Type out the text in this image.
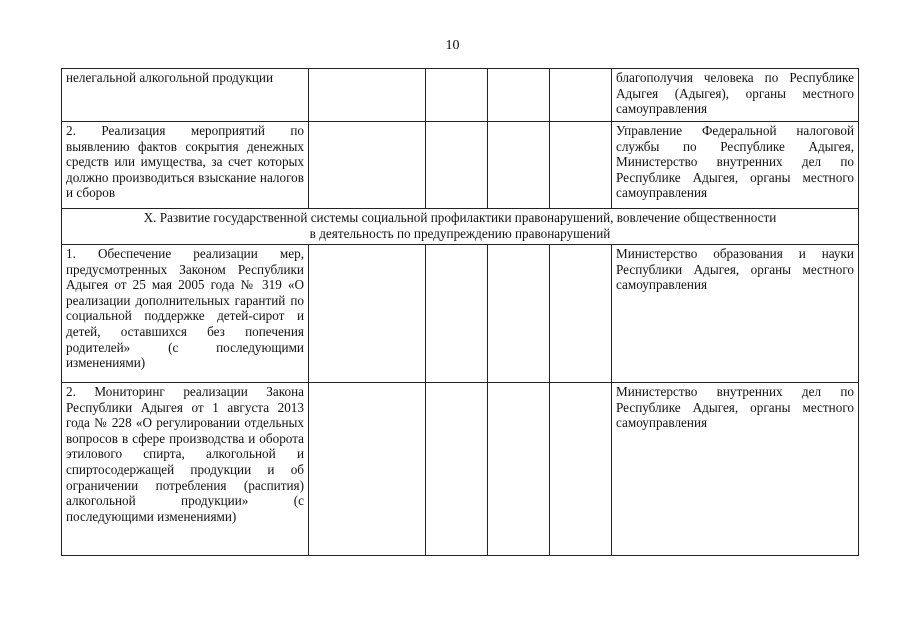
10
нелегальной алкогольной продукции					благополучия человека по Республике Адыгея (Адыгея), органы местного самоуправления
2. Реализация мероприятий по выявлению фактов сокрытия денежных средств или имущества, за счет которых должно производиться взыскание налогов и сборов					Управление Федеральной налоговой службы по Республике Адыгея, Министерство внутренних дел по Республике Адыгея, органы местного самоуправления

X. Развитие государственной системы социальной профилактики правонарушений, вовлечение общественности
в деятельность по предупреждению правонарушений					

1. Обеспечение реализации мер, предусмотренных Законом Республики Адыгея от 25 мая 2005 года № 319 «О реализации дополнительных гарантий по социальной поддержке детей-сирот и детей, оставшихся без попечения родителей» (с последующими изменениями)					Министерство образования и науки Республики Адыгея, органы местного самоуправления
2. Мониторинг реализации Закона Республики Адыгея от 1 августа 2013 года № 228 «О регулировании отдельных вопросов в сфере производства и оборота этилового спирта, алкогольной и спиртосодержащей продукции и об ограничении потребления (распития) алкогольной продукции» (с последующими изменениями)					Министерство внутренних дел по Республике Адыгея, органы местного самоуправления
